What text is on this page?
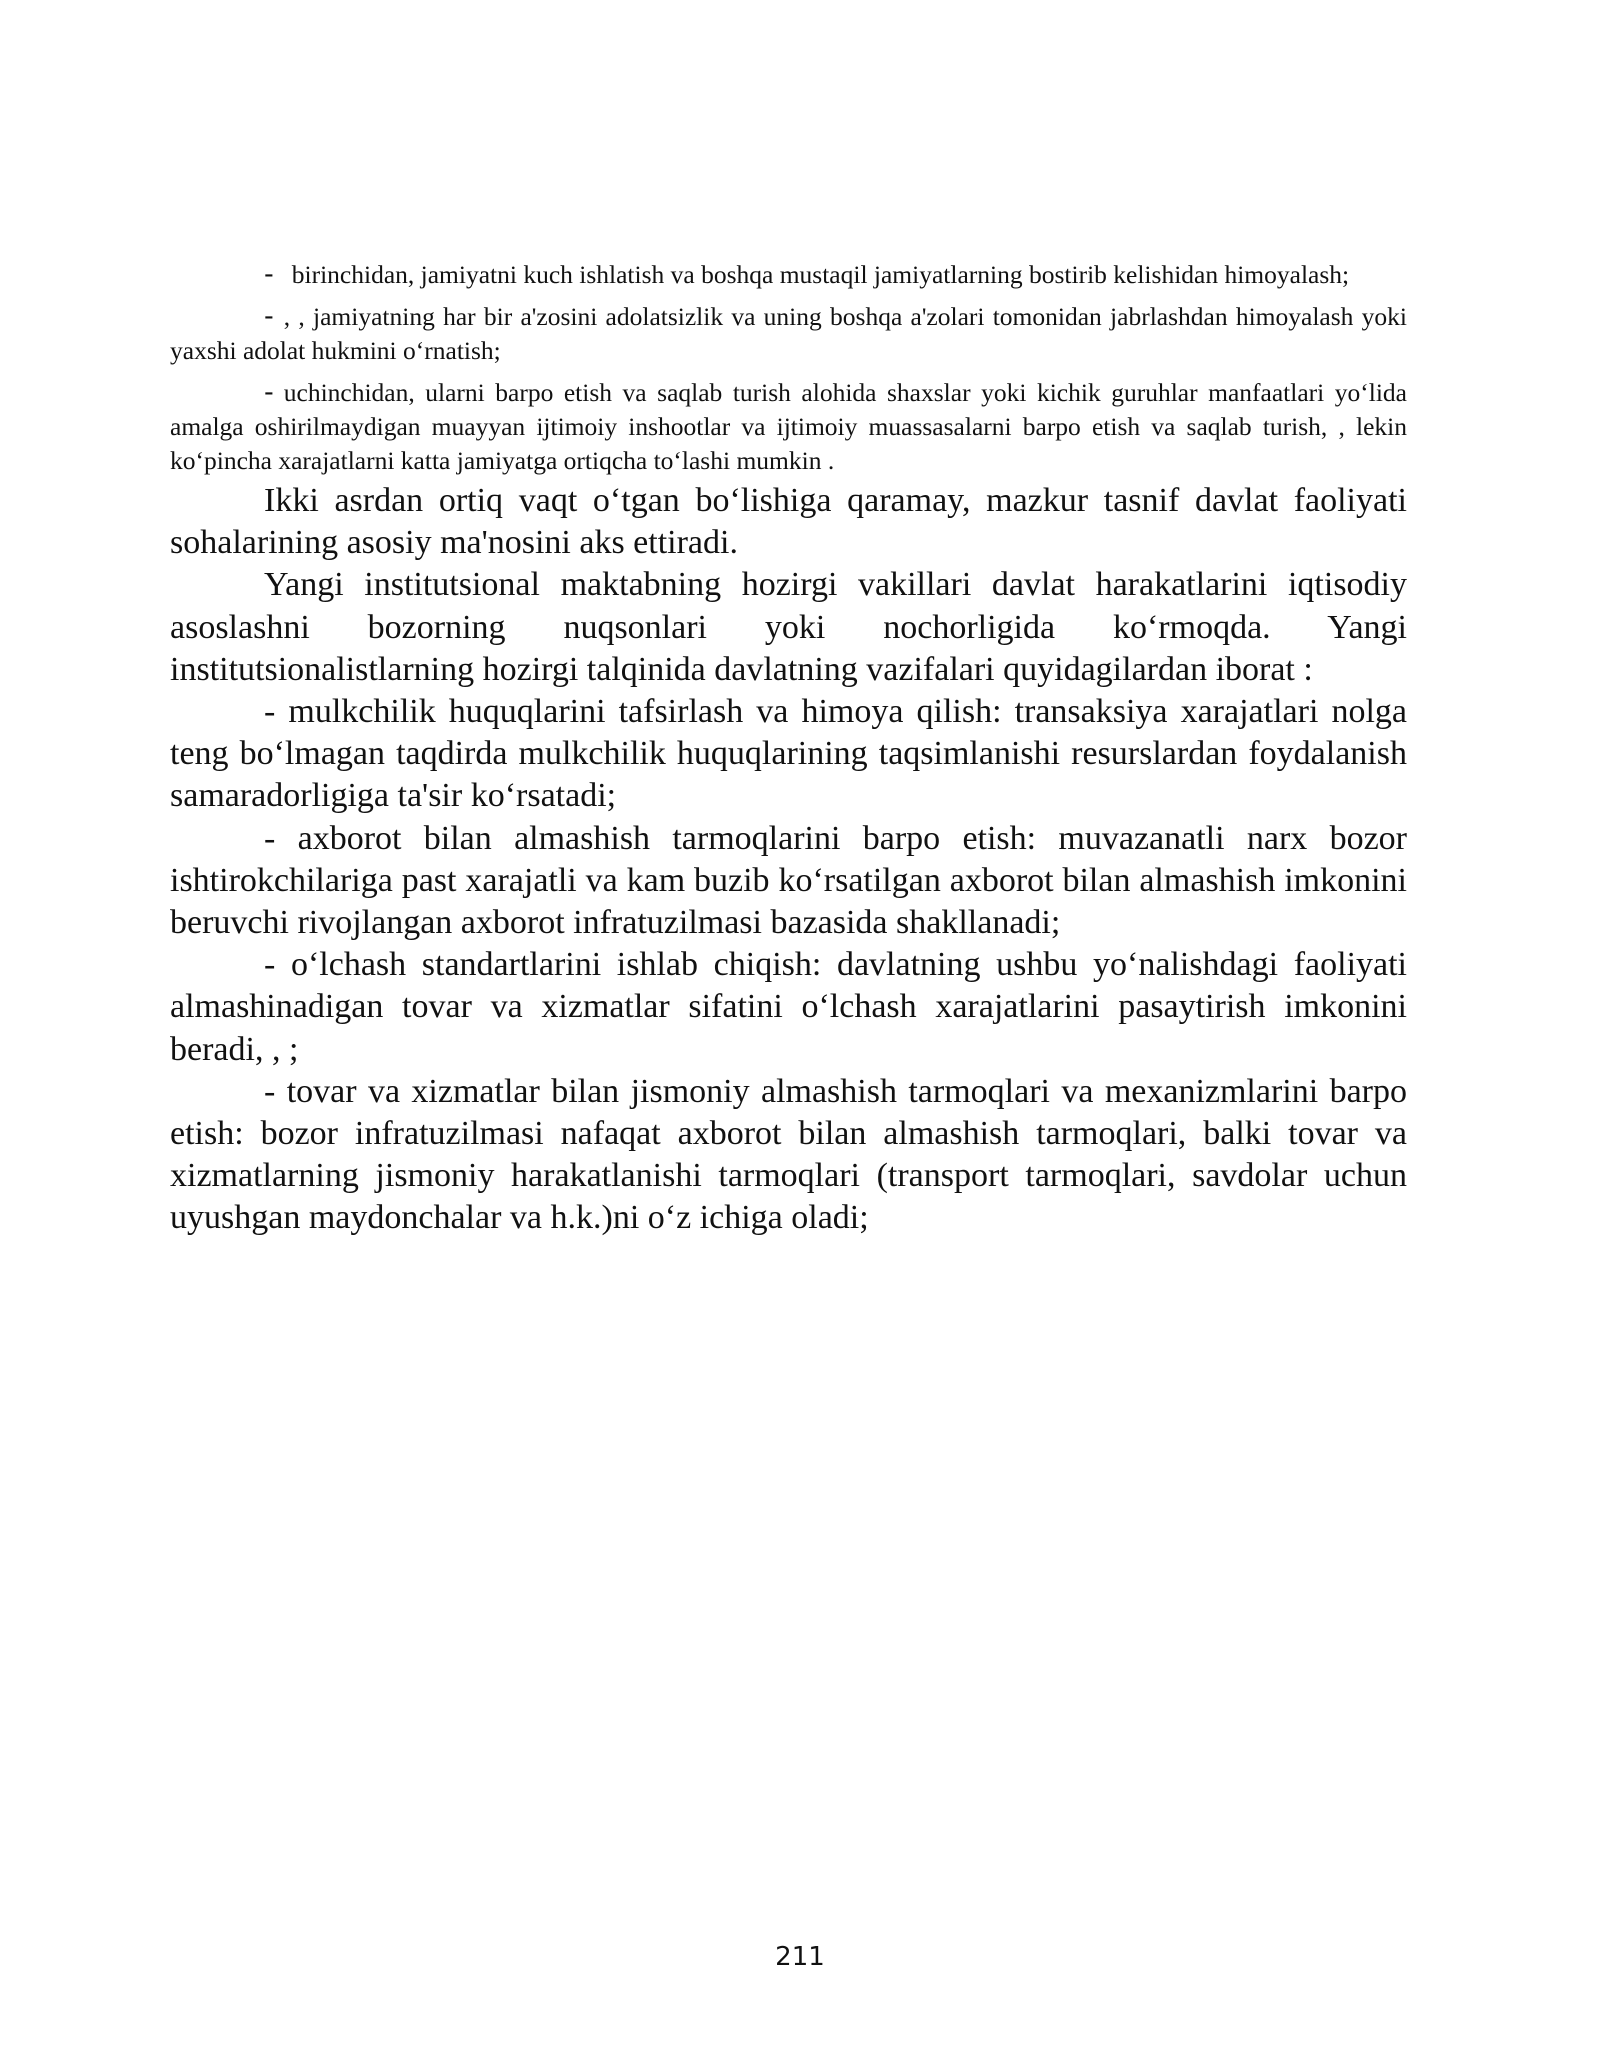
- birinchidan, jamiyatni kuch ishlatish va boshqa mustaqil jamiyatlarning bostirib kelishidan himoyalash;

- , , jamiyatning har bir a'zosini adolatsizlik va uning boshqa a'zolari tomonidan jabrlashdan himoyalash yoki yaxshi adolat hukmini o‘rnatish;

- uchinchidan, ularni barpo etish va saqlab turish alohida shaxslar yoki kichik guruhlar manfaatlari yo‘lida amalga oshirilmaydigan muayyan ijtimoiy inshootlar va ijtimoiy muassasalarni barpo etish va saqlab turish, , lekin ko‘pincha xarajatlarni katta jamiyatga ortiqcha to‘lashi mumkin .

Ikki asrdan ortiq vaqt o‘tgan bo‘lishiga qaramay, mazkur tasnif davlat faoliyati sohalarining asosiy ma'nosini aks ettiradi.

Yangi institutsional maktabning hozirgi vakillari davlat harakatlarini iqtisodiy asoslashni bozorning nuqsonlari yoki nochorligida ko‘rmoqda. Yangi institutsionalistlarning hozirgi talqinida davlatning vazifalari quyidagilardan iborat :

- mulkchilik huquqlarini tafsirlash va himoya qilish: transaksiya xarajatlari nolga teng bo‘lmagan taqdirda mulkchilik huquqlarining taqsimlanishi resurslardan foydalanish samaradorligiga ta'sir ko‘rsatadi;

- axborot bilan almashish tarmoqlarini barpo etish: muvazanatli narx bozor ishtirokchilariga past xarajatli va kam buzib ko‘rsatilgan axborot bilan almashish imkonini beruvchi rivojlangan axborot infratuzilmasi bazasida shakllanadi;

- o‘lchash standartlarini ishlab chiqish: davlatning ushbu yo‘nalishdagi faoliyati almashinadigan tovar va xizmatlar sifatini o‘lchash xarajatlarini pasaytirish imkonini beradi, , ;

- tovar va xizmatlar bilan jismoniy almashish tarmoqlari va mexanizmlarini barpo etish: bozor infratuzilmasi nafaqat axborot bilan almashish tarmoqlari, balki tovar va xizmatlarning jismoniy harakatlanishi tarmoqlari (transport tarmoqlari, savdolar uchun uyushgan maydonchalar va h.k.)ni o‘z ichiga oladi;

211
